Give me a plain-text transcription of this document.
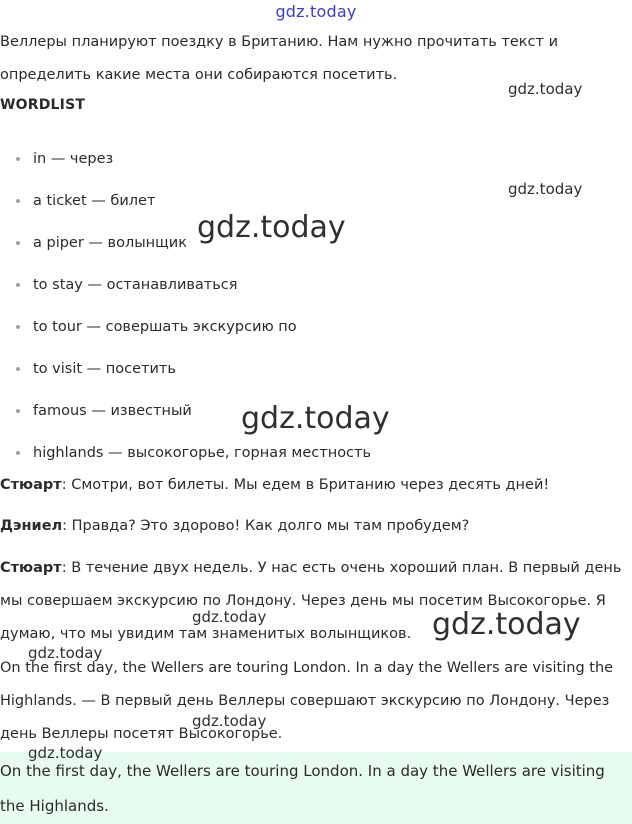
gdz.today

Веллеры планируют поездку в Британию. Нам нужно прочитать текст и определить какие места они собираются посетить.

WORDLIST
in — через
a ticket — билет
a piper — волынщик
to stay — останавливаться
to tour — совершать экскурсию по
to visit — посетить
famous — известный
highlands — высокогорье, горная местность

Стюарт: Смотри, вот билеты. Мы едем в Британию через десять дней!

Дэниел: Правда? Это здорово! Как долго мы там пробудем?

Стюарт: В течение двух недель. У нас есть очень хороший план. В первый день мы совершаем экскурсию по Лондону. Через день мы посетим Высокогорье. Я думаю, что мы увидим там знаменитых волынщиков.

On the first day, the Wellers are touring London. In a day the Wellers are visiting the Highlands. — В первый день Веллеры совершают экскурсию по Лондону. Через день Веллеры посетят Высокогорье.

On the first day, the Wellers are touring London. In a day the Wellers are visiting the Highlands.

gdz.today
gdz.today
gdz.today
gdz.today
gdz.today
gdz.today
gdz.today
gdz.today
gdz.today
